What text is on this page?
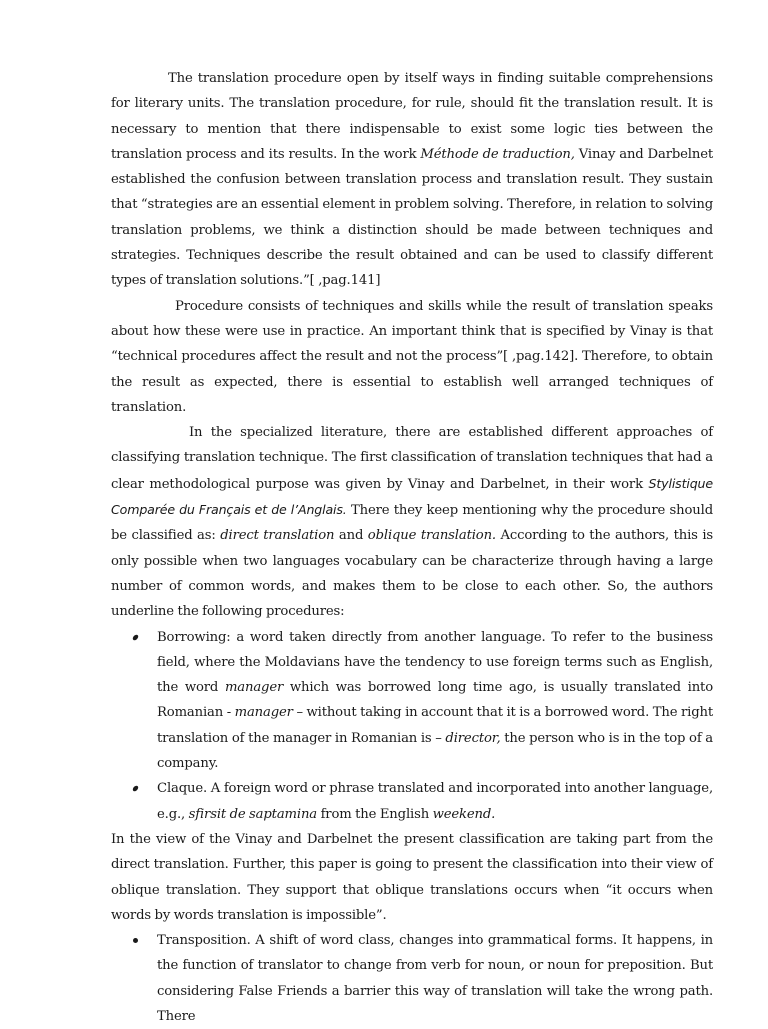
The translation procedure open by itself ways in finding suitable comprehensions for literary units. The translation procedure, for rule, should fit the translation result. It is necessary to mention that there indispensable to exist some logic ties between the translation process and its results. In the work Méthode de traduction, Vinay and Darbelnet established the confusion between translation process and translation result. They sustain that “strategies are an essential element in problem solving. Therefore, in relation to solving translation problems, we think a distinction should be made between techniques and strategies. Techniques describe the result obtained and can be used to classify different types of translation solutions.”[ ,pag.141]

Procedure consists of techniques and skills while the result of translation speaks about how these were use in practice. An important think that is specified by Vinay is that “technical procedures affect the result and not the process”[ ,pag.142]. Therefore, to obtain the result as expected, there is essential to establish well arranged techniques of translation.

In the specialized literature, there are established different approaches of classifying translation technique. The first classification of translation techniques that had a clear methodological purpose was given by Vinay and Darbelnet, in their work Stylistique Comparée du Français et de l’Anglais. There they keep mentioning why the procedure should be classified as: direct translation and oblique translation. According to the authors, this is only possible when two languages vocabulary can be characterize through having a large number of common words, and makes them to be close to each other. So, the authors underline the following procedures:

Borrowing: a word taken directly from another language. To refer to the business field, where the Moldavians have the tendency to use foreign terms such as English, the word manager which was borrowed long time ago, is usually translated into Romanian - manager – without taking in account that it is a borrowed word. The right translation of the manager in Romanian is – director, the person who is in the top of a company.
Claque. A foreign word or phrase translated and incorporated into another language, e.g., sfirsit de saptamina from the English weekend.

In the view of the Vinay and Darbelnet the present classification are taking part from the direct translation. Further, this paper is going to present the classification into their view of oblique translation. They support that oblique translations occurs when “it occurs when words by words translation is impossible”.

Transposition. A shift of word class, changes into grammatical forms. It happens, in the function of translator to change from verb for noun, or noun for preposition. But considering False Friends a barrier this way of translation will take the wrong path. There
